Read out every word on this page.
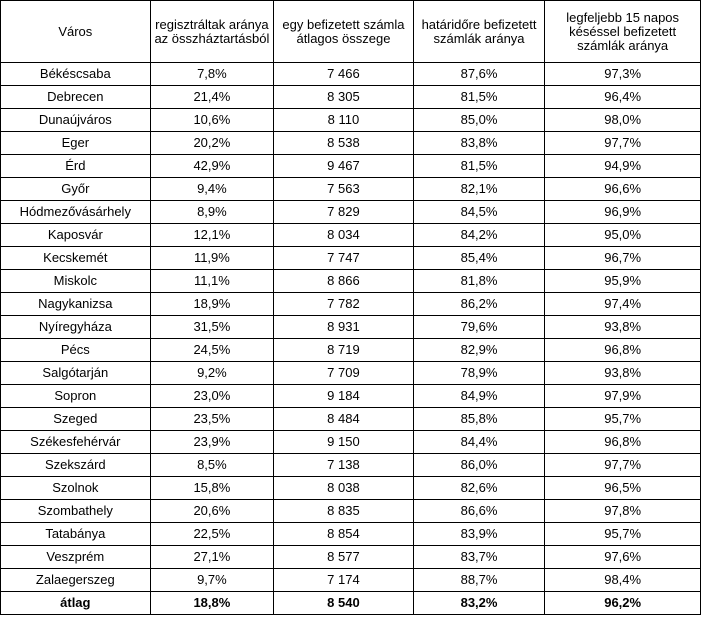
Város	regisztráltak aránya az összháztartásból	egy befizetett számla átlagos összege	határidőre befizetett számlák aránya	legfeljebb 15 napos késéssel befizetett számlák aránya
Békéscsaba	7,8%	7 466	87,6%	97,3%
Debrecen	21,4%	8 305	81,5%	96,4%
Dunaújváros	10,6%	8 110	85,0%	98,0%
Eger	20,2%	8 538	83,8%	97,7%
Érd	42,9%	9 467	81,5%	94,9%
Győr	9,4%	7 563	82,1%	96,6%
Hódmezővásárhely	8,9%	7 829	84,5%	96,9%
Kaposvár	12,1%	8 034	84,2%	95,0%
Kecskemét	11,9%	7 747	85,4%	96,7%
Miskolc	11,1%	8 866	81,8%	95,9%
Nagykanizsa	18,9%	7 782	86,2%	97,4%
Nyíregyháza	31,5%	8 931	79,6%	93,8%
Pécs	24,5%	8 719	82,9%	96,8%
Salgótarján	9,2%	7 709	78,9%	93,8%
Sopron	23,0%	9 184	84,9%	97,9%
Szeged	23,5%	8 484	85,8%	95,7%
Székesfehérvár	23,9%	9 150	84,4%	96,8%
Szekszárd	8,5%	7 138	86,0%	97,7%
Szolnok	15,8%	8 038	82,6%	96,5%
Szombathely	20,6%	8 835	86,6%	97,8%
Tatabánya	22,5%	8 854	83,9%	95,7%
Veszprém	27,1%	8 577	83,7%	97,6%
Zalaegerszeg	9,7%	7 174	88,7%	98,4%
átlag	18,8%	8 540	83,2%	96,2%
